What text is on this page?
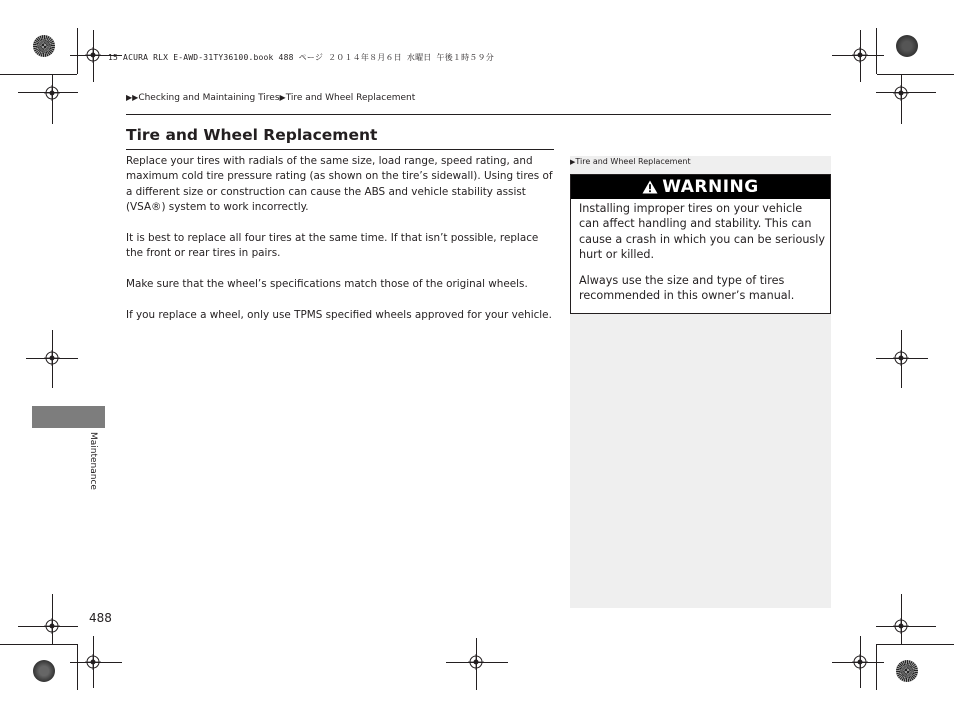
15 ACURA RLX E-AWD-31TY36100.book 488 ページ ２０１４年８月６日 水曜日 午後１時５９分
▶▶Checking and Maintaining Tires▶Tire and Wheel Replacement
Tire and Wheel Replacement
Replace your tires with radials of the same size, load range, speed rating, and maximum cold tire pressure rating (as shown on the tire’s sidewall). Using tires of a different size or construction can cause the ABS and vehicle stability assist (VSA®) system to work incorrectly.
It is best to replace all four tires at the same time. If that isn’t possible, replace the front or rear tires in pairs.
Make sure that the wheel’s specifications match those of the original wheels.
If you replace a wheel, only use TPMS specified wheels approved for your vehicle.
▶Tire and Wheel Replacement
WARNING
Installing improper tires on your vehicle can affect handling and stability. This can cause a crash in which you can be seriously hurt or killed.
Always use the size and type of tires recommended in this owner’s manual.
Maintenance
488
